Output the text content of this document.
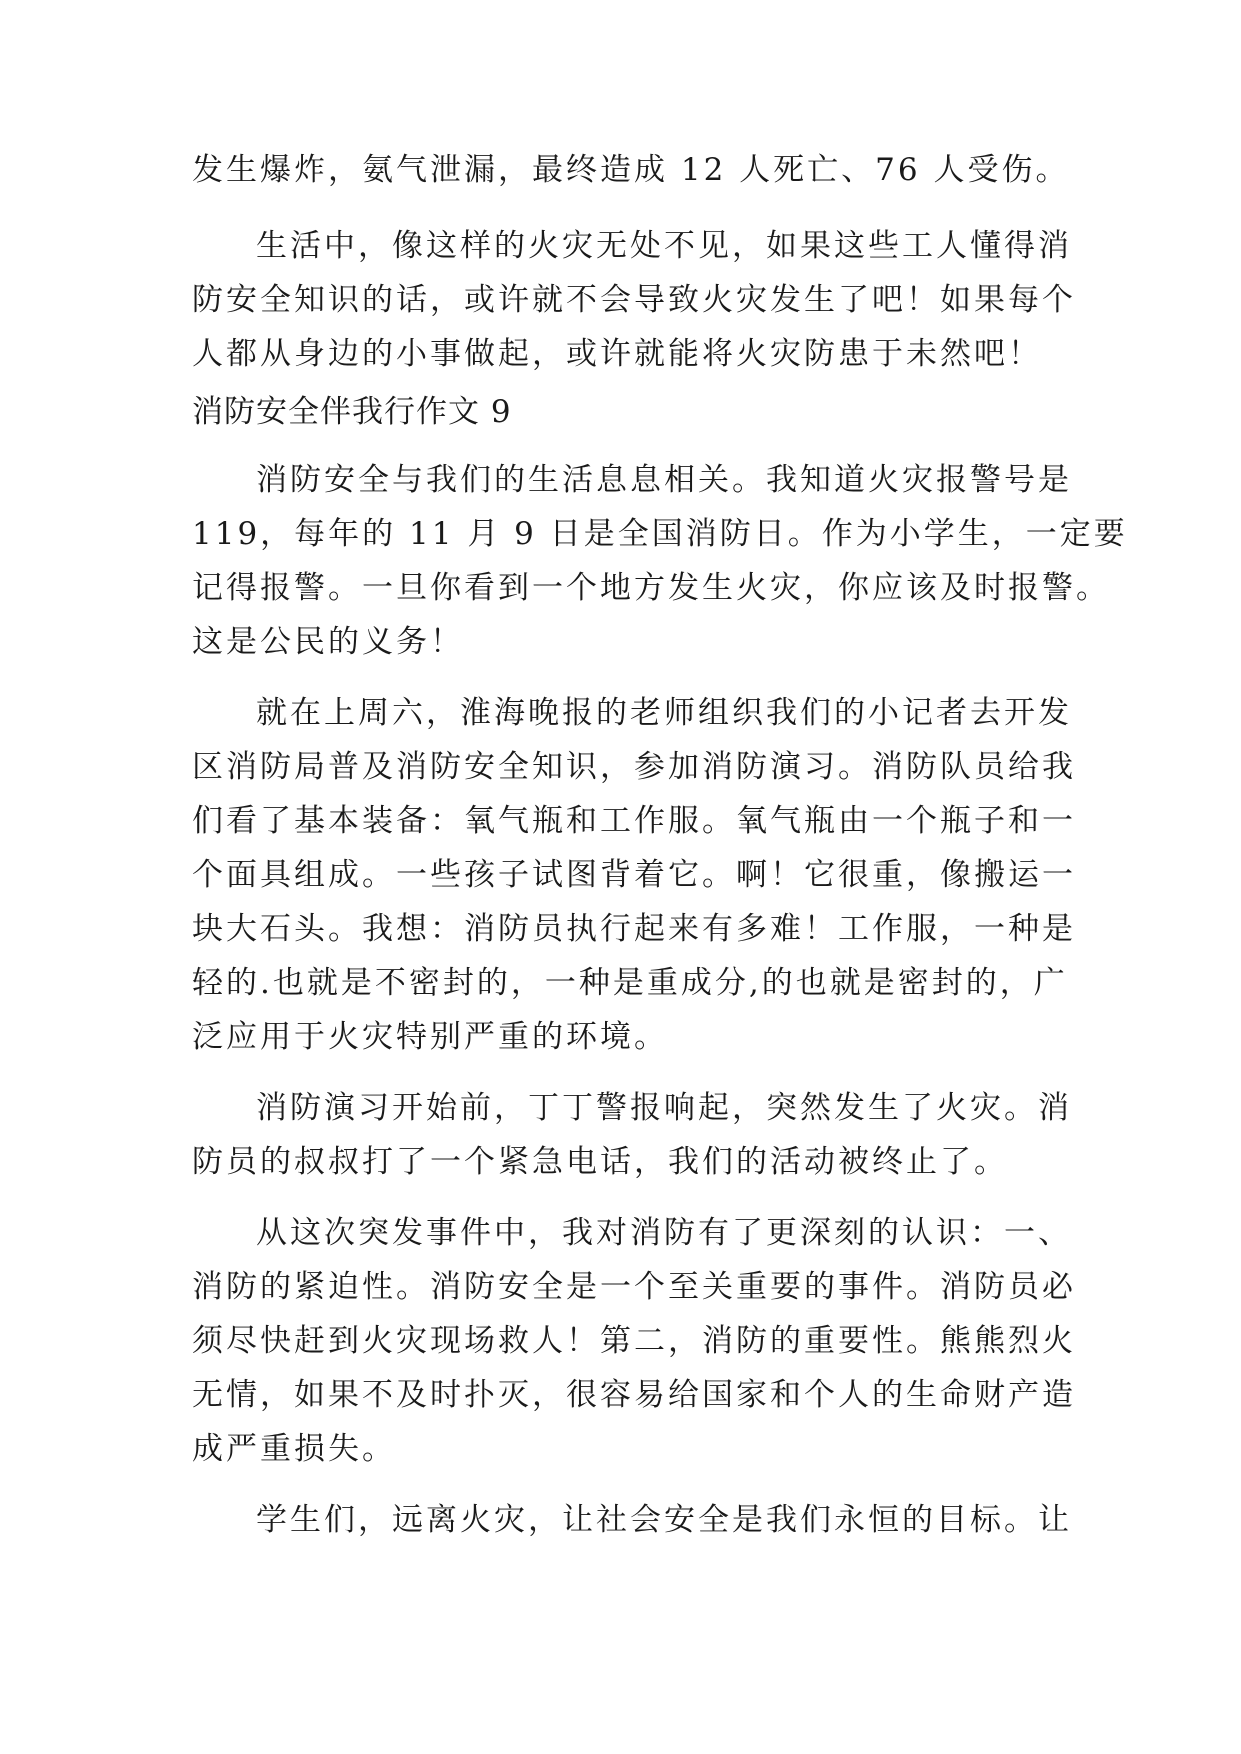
发生爆炸，氨气泄漏，最终造成 12 人死亡、76 人受伤。
生活中，像这样的火灾无处不见，如果这些工人懂得消
防安全知识的话，或许就不会导致火灾发生了吧！如果每个
人都从身边的小事做起，或许就能将火灾防患于未然吧！
消防安全伴我行作文 9
消防安全与我们的生活息息相关。我知道火灾报警号是
119，每年的 11 月 9 日是全国消防日。作为小学生，一定要
记得报警。一旦你看到一个地方发生火灾，你应该及时报警。
这是公民的义务！
就在上周六，淮海晚报的老师组织我们的小记者去开发
区消防局普及消防安全知识，参加消防演习。消防队员给我
们看了基本装备：氧气瓶和工作服。氧气瓶由一个瓶子和一
个面具组成。一些孩子试图背着它。啊！它很重，像搬运一
块大石头。我想：消防员执行起来有多难！工作服，一种是
轻的.也就是不密封的，一种是重成分,的也就是密封的，广
泛应用于火灾特别严重的环境。
消防演习开始前，丁丁警报响起，突然发生了火灾。消
防员的叔叔打了一个紧急电话，我们的活动被终止了。
从这次突发事件中，我对消防有了更深刻的认识：一、
消防的紧迫性。消防安全是一个至关重要的事件。消防员必
须尽快赶到火灾现场救人！第二，消防的重要性。熊熊烈火
无情，如果不及时扑灭，很容易给国家和个人的生命财产造
成严重损失。
学生们，远离火灾，让社会安全是我们永恒的目标。让
